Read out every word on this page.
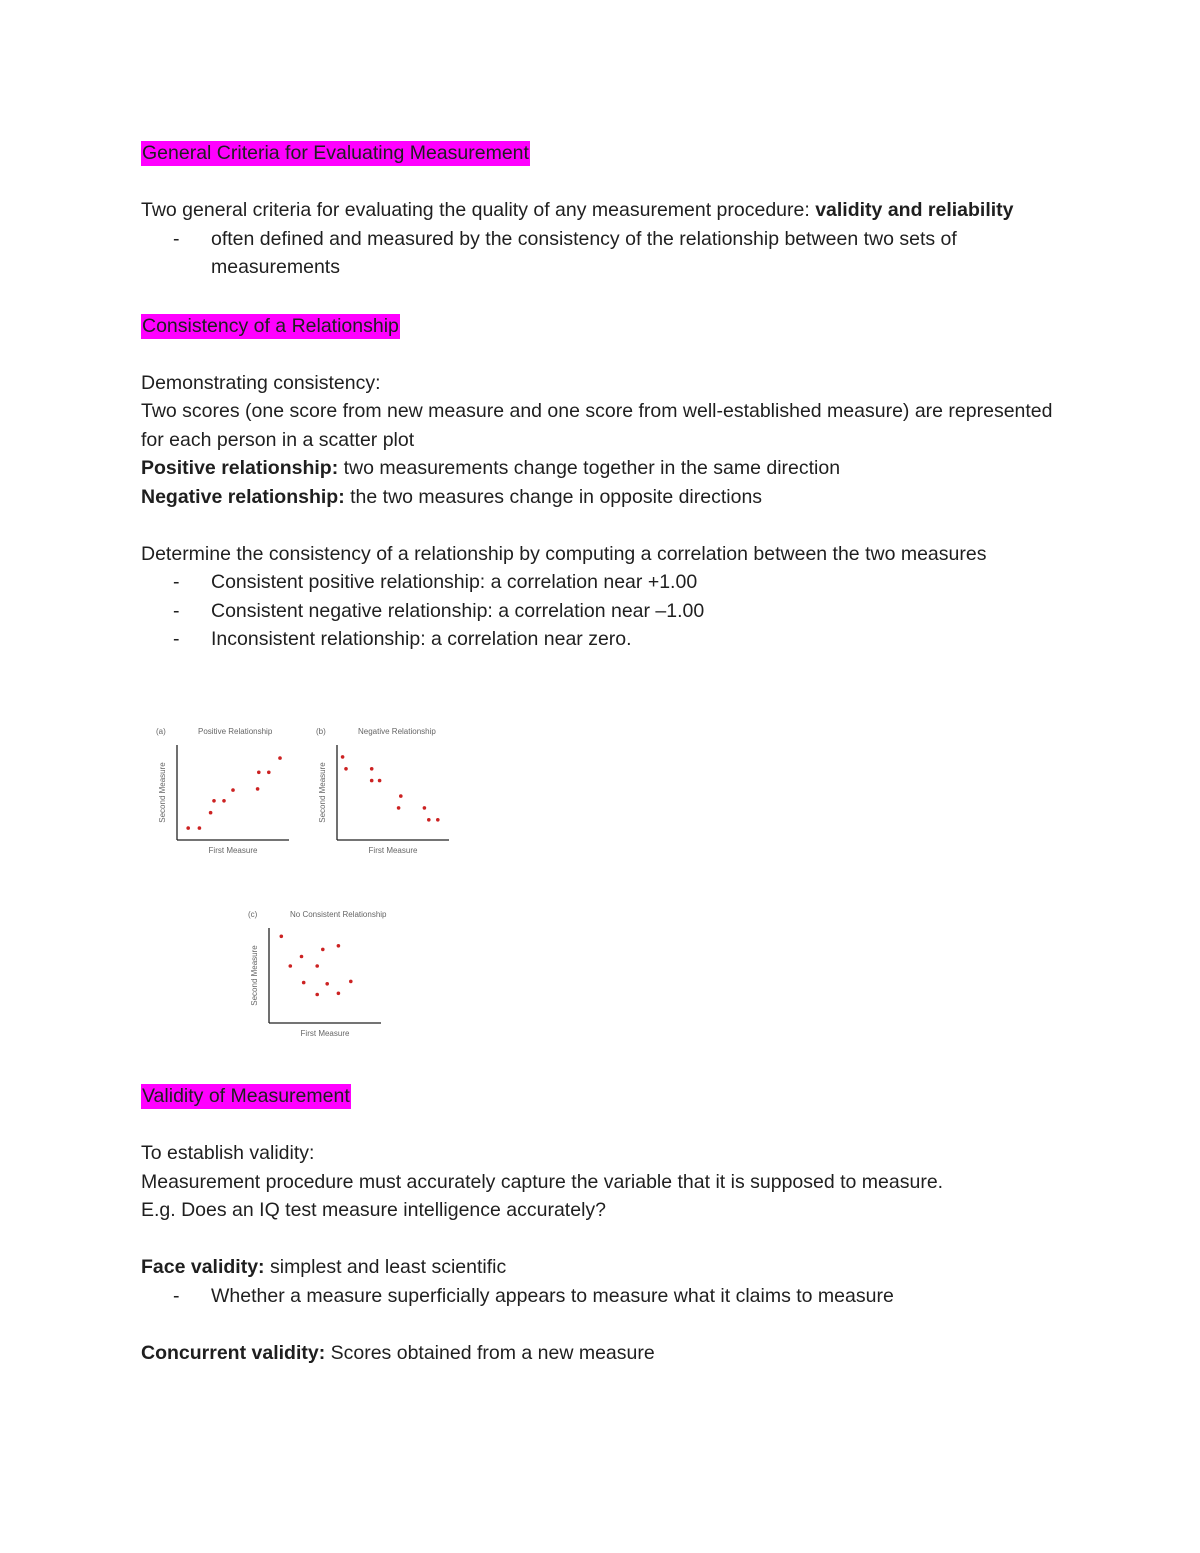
General Criteria for Evaluating Measurement

Two general criteria for evaluating the quality of any measurement procedure: validity and reliability

- often defined and measured by the consistency of the relationship between two sets of measurements

Consistency of a Relationship

Demonstrating consistency:

Two scores (one score from new measure and one score from well-established measure) are represented for each person in a scatter plot

Positive relationship: two measurements change together in the same direction

Negative relationship: the two measures change in opposite directions

Determine the consistency of a relationship by computing a correlation between the two measures

- Consistent positive relationship: a correlation near +1.00
- Consistent negative relationship: a correlation near –1.00
- Inconsistent relationship: a correlation near zero.
(a)	Positive Relationship
First Measure
Second Measure
(b)	Negative Relationship
First Measure
Second Measure
(c)	No Consistent Relationship
First Measure
Second Measure

Validity of Measurement

To establish validity:

Measurement procedure must accurately capture the variable that it is supposed to measure.

E.g. Does an IQ test measure intelligence accurately?

Face validity: simplest and least scientific

- Whether a measure superficially appears to measure what it claims to measure

Concurrent validity: Scores obtained from a new measure
